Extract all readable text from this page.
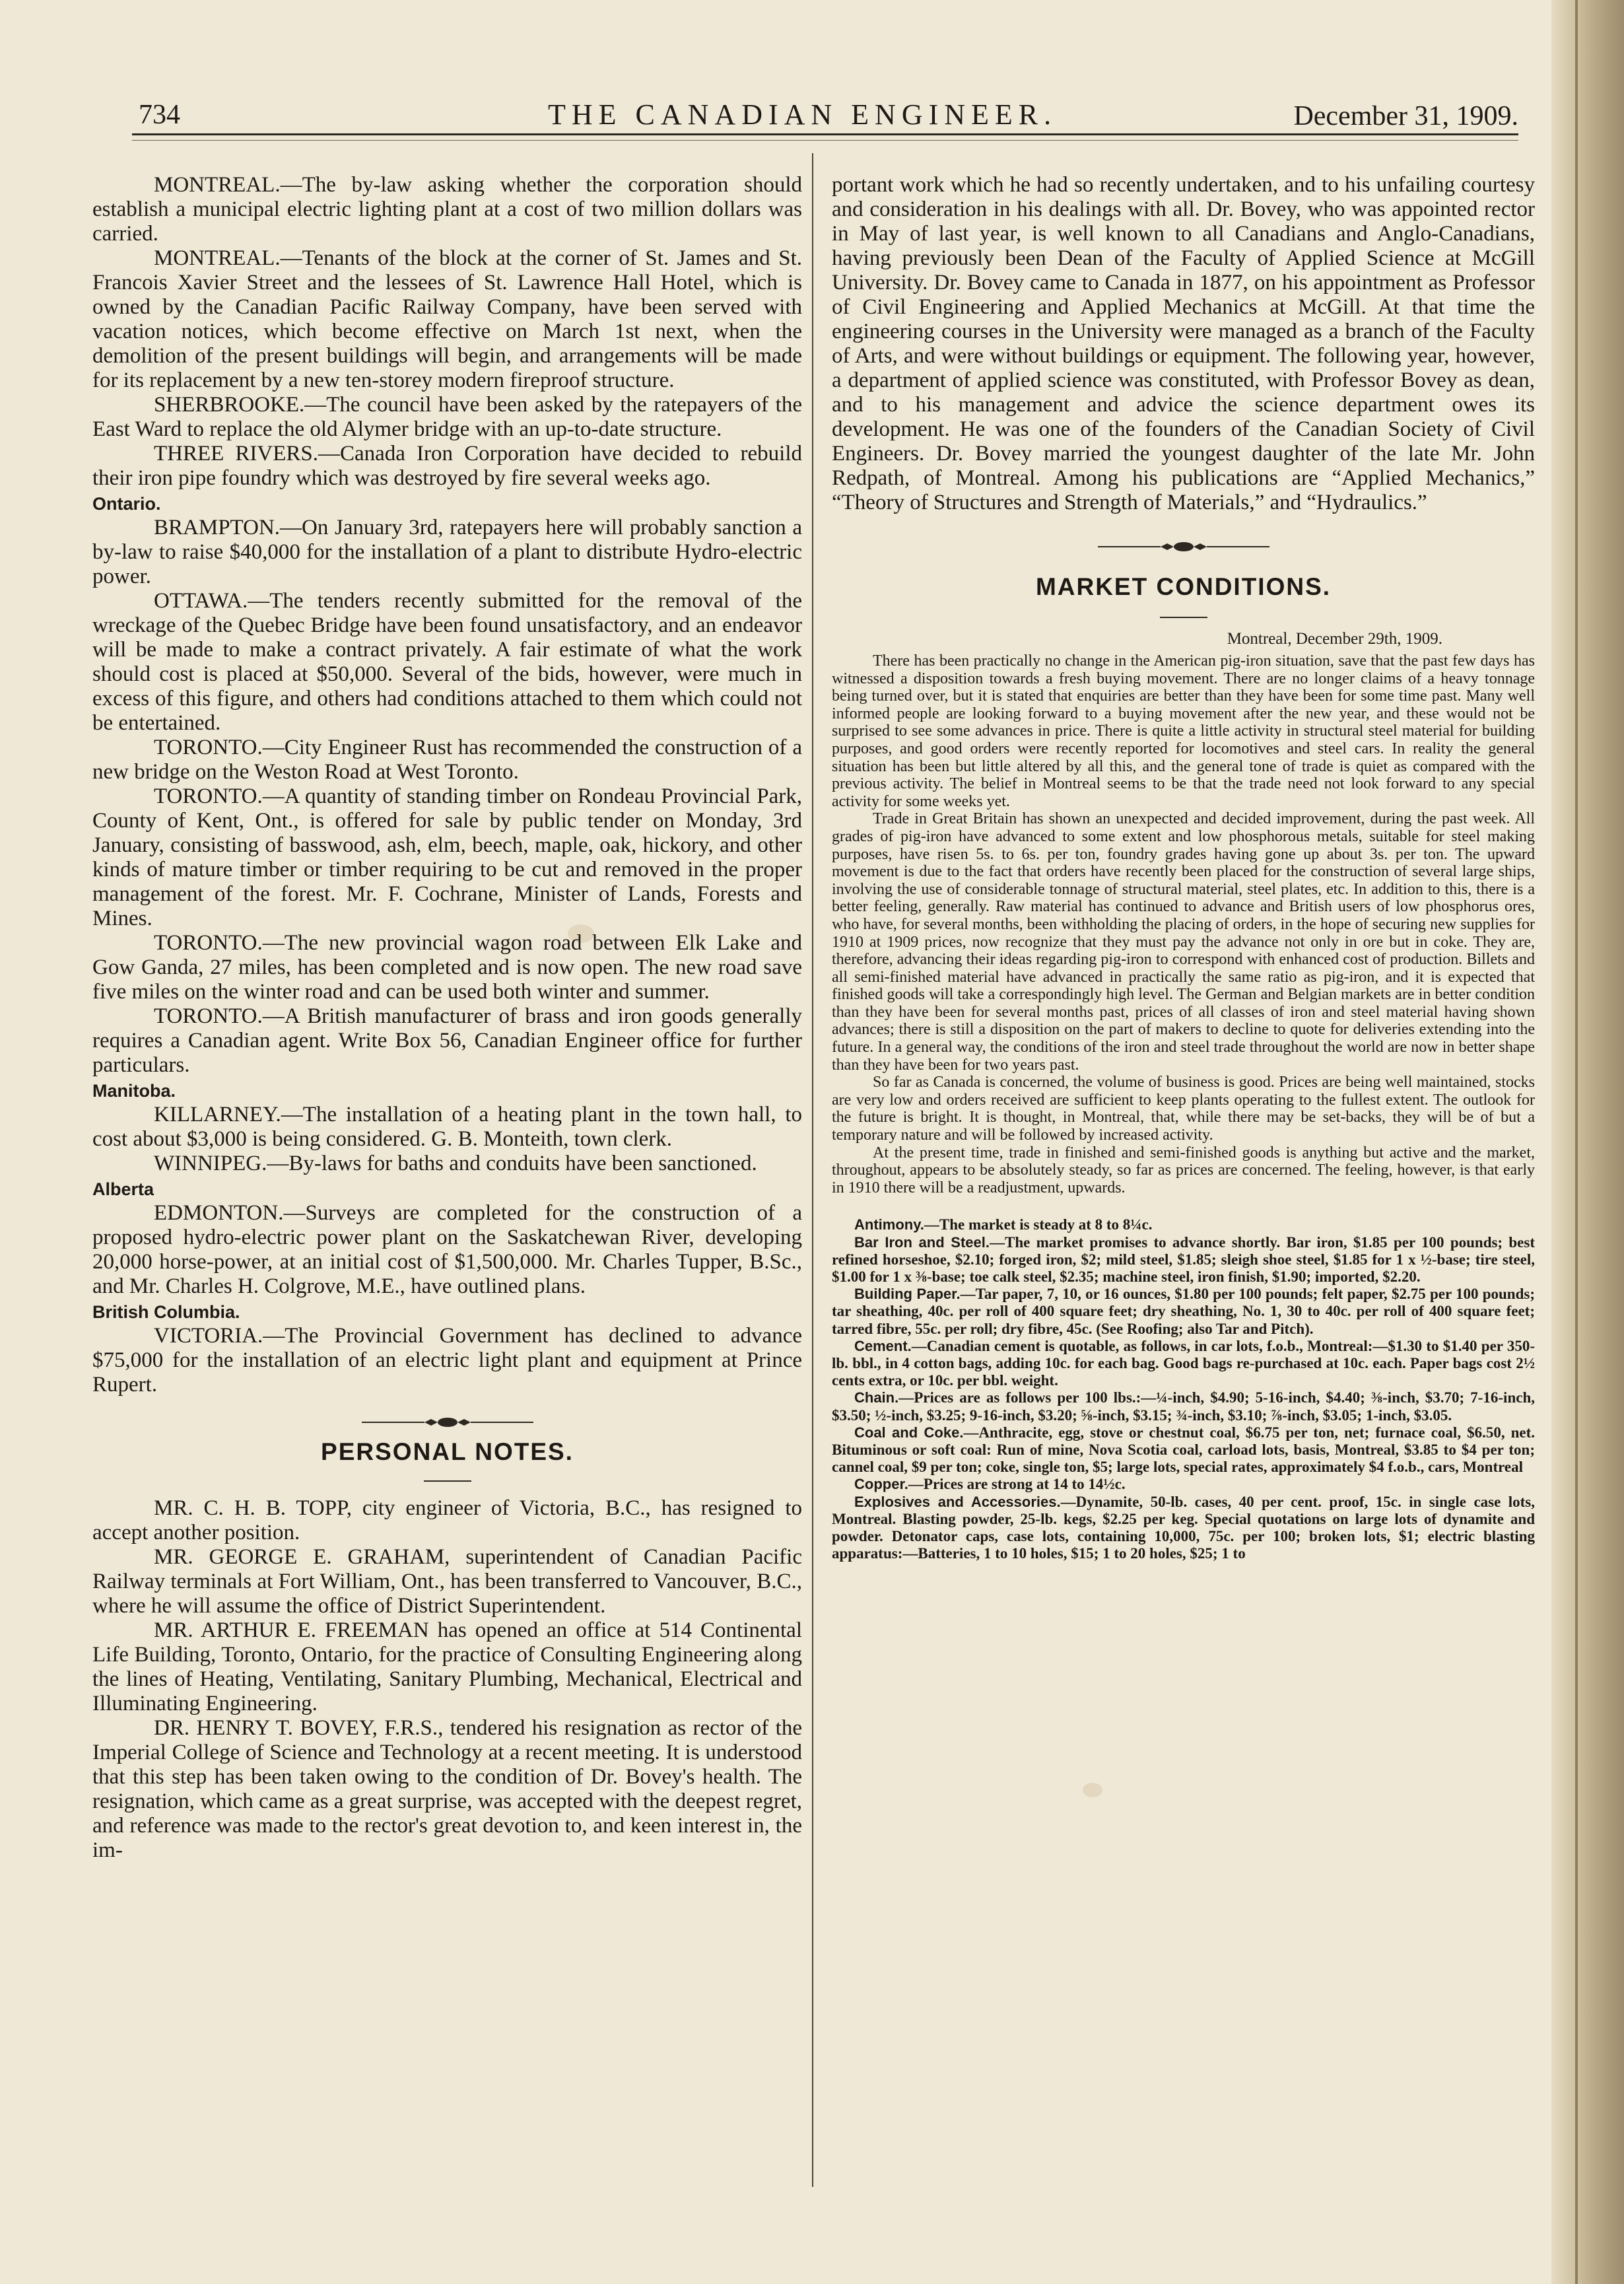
734	THE CANADIAN ENGINEER.	December 31, 1909.

MONTREAL.—The by-law asking whether the corporation should establish a municipal electric lighting plant at a cost of two million dollars was carried.

MONTREAL.—Tenants of the block at the corner of St. James and St. Francois Xavier Street and the lessees of St. Lawrence Hall Hotel, which is owned by the Canadian Pacific Railway Company, have been served with vacation notices, which become effective on March 1st next, when the demolition of the present buildings will begin, and arrangements will be made for its replacement by a new ten-storey modern fireproof structure.

SHERBROOKE.—The council have been asked by the ratepayers of the East Ward to replace the old Alymer bridge with an up-to-date structure.

THREE RIVERS.—Canada Iron Corporation have decided to rebuild their iron pipe foundry which was destroyed by fire several weeks ago.

Ontario.

BRAMPTON.—On January 3rd, ratepayers here will probably sanction a by-law to raise $40,000 for the installation of a plant to distribute Hydro-electric power.

OTTAWA.—The tenders recently submitted for the removal of the wreckage of the Quebec Bridge have been found unsatisfactory, and an endeavor will be made to make a contract privately. A fair estimate of what the work should cost is placed at $50,000. Several of the bids, however, were much in excess of this figure, and others had conditions attached to them which could not be entertained.

TORONTO.—City Engineer Rust has recommended the construction of a new bridge on the Weston Road at West Toronto.

TORONTO.—A quantity of standing timber on Rondeau Provincial Park, County of Kent, Ont., is offered for sale by public tender on Monday, 3rd January, consisting of basswood, ash, elm, beech, maple, oak, hickory, and other kinds of mature timber or timber requiring to be cut and removed in the proper management of the forest. Mr. F. Cochrane, Minister of Lands, Forests and Mines.

TORONTO.—The new provincial wagon road between Elk Lake and Gow Ganda, 27 miles, has been completed and is now open. The new road save five miles on the winter road and can be used both winter and summer.

TORONTO.—A British manufacturer of brass and iron goods generally requires a Canadian agent. Write Box 56, Canadian Engineer office for further particulars.

Manitoba.

KILLARNEY.—The installation of a heating plant in the town hall, to cost about $3,000 is being considered. G. B. Monteith, town clerk.

WINNIPEG.—By-laws for baths and conduits have been sanctioned.

Alberta

EDMONTON.—Surveys are completed for the construction of a proposed hydro-electric power plant on the Saskatchewan River, developing 20,000 horse-power, at an initial cost of $1,500,000. Mr. Charles Tupper, B.Sc., and Mr. Charles H. Colgrove, M.E., have outlined plans.

British Columbia.

VICTORIA.—The Provincial Government has declined to advance $75,000 for the installation of an electric light plant and equipment at Prince Rupert.

PERSONAL NOTES.

MR. C. H. B. TOPP, city engineer of Victoria, B.C., has resigned to accept another position.

MR. GEORGE E. GRAHAM, superintendent of Canadian Pacific Railway terminals at Fort William, Ont., has been transferred to Vancouver, B.C., where he will assume the office of District Superintendent.

MR. ARTHUR E. FREEMAN has opened an office at 514 Continental Life Building, Toronto, Ontario, for the practice of Consulting Engineering along the lines of Heating, Ventilating, Sanitary Plumbing, Mechanical, Electrical and Illuminating Engineering.

DR. HENRY T. BOVEY, F.R.S., tendered his resignation as rector of the Imperial College of Science and Technology at a recent meeting. It is understood that this step has been taken owing to the condition of Dr. Bovey's health. The resignation, which came as a great surprise, was accepted with the deepest regret, and reference was made to the rector's great devotion to, and keen interest in, the im-

portant work which he had so recently undertaken, and to his unfailing courtesy and consideration in his dealings with all. Dr. Bovey, who was appointed rector in May of last year, is well known to all Canadians and Anglo-Canadians, having previously been Dean of the Faculty of Applied Science at McGill University. Dr. Bovey came to Canada in 1877, on his appointment as Professor of Civil Engineering and Applied Mechanics at McGill. At that time the engineering courses in the University were managed as a branch of the Faculty of Arts, and were without buildings or equipment. The following year, however, a department of applied science was constituted, with Professor Bovey as dean, and to his management and advice the science department owes its development. He was one of the founders of the Canadian Society of Civil Engineers. Dr. Bovey married the youngest daughter of the late Mr. John Redpath, of Montreal. Among his publications are “Applied Mechanics,” “Theory of Structures and Strength of Materials,” and “Hydraulics.”

MARKET CONDITIONS.

Montreal, December 29th, 1909.

There has been practically no change in the American pig-iron situation, save that the past few days has witnessed a disposition towards a fresh buying movement. There are no longer claims of a heavy tonnage being turned over, but it is stated that enquiries are better than they have been for some time past. Many well informed people are looking forward to a buying movement after the new year, and these would not be surprised to see some advances in price. There is quite a little activity in structural steel material for building purposes, and good orders were recently reported for locomotives and steel cars. In reality the general situation has been but little altered by all this, and the general tone of trade is quiet as compared with the previous activity. The belief in Montreal seems to be that the trade need not look forward to any special activity for some weeks yet.

Trade in Great Britain has shown an unexpected and decided improvement, during the past week. All grades of pig-iron have advanced to some extent and low phosphorous metals, suitable for steel making purposes, have risen 5s. to 6s. per ton, foundry grades having gone up about 3s. per ton. The upward movement is due to the fact that orders have recently been placed for the construction of several large ships, involving the use of considerable tonnage of structural material, steel plates, etc. In addition to this, there is a better feeling, generally. Raw material has continued to advance and British users of low phosphorus ores, who have, for several months, been withholding the placing of orders, in the hope of securing new supplies for 1910 at 1909 prices, now recognize that they must pay the advance not only in ore but in coke. They are, therefore, advancing their ideas regarding pig-iron to correspond with enhanced cost of production. Billets and all semi-finished material have advanced in practically the same ratio as pig-iron, and it is expected that finished goods will take a correspondingly high level. The German and Belgian markets are in better condition than they have been for several months past, prices of all classes of iron and steel material having shown advances; there is still a disposition on the part of makers to decline to quote for deliveries extending into the future. In a general way, the conditions of the iron and steel trade throughout the world are now in better shape than they have been for two years past.

So far as Canada is concerned, the volume of business is good. Prices are being well maintained, stocks are very low and orders received are sufficient to keep plants operating to the fullest extent. The outlook for the future is bright. It is thought, in Montreal, that, while there may be set-backs, they will be of but a temporary nature and will be followed by increased activity.

At the present time, trade in finished and semi-finished goods is anything but active and the market, throughout, appears to be absolutely steady, so far as prices are concerned. The feeling, however, is that early in 1910 there will be a readjustment, upwards.

Antimony.—The market is steady at 8 to 8¼c.

Bar Iron and Steel.—The market promises to advance shortly. Bar iron, $1.85 per 100 pounds; best refined horseshoe, $2.10; forged iron, $2; mild steel, $1.85; sleigh shoe steel, $1.85 for 1 x ½-base; tire steel, $1.00 for 1 x ⅜-base; toe calk steel, $2.35; machine steel, iron finish, $1.90; imported, $2.20.

Building Paper.—Tar paper, 7, 10, or 16 ounces, $1.80 per 100 pounds; felt paper, $2.75 per 100 pounds; tar sheathing, 40c. per roll of 400 square feet; dry sheathing, No. 1, 30 to 40c. per roll of 400 square feet; tarred fibre, 55c. per roll; dry fibre, 45c. (See Roofing; also Tar and Pitch).

Cement.—Canadian cement is quotable, as follows, in car lots, f.o.b., Montreal:—$1.30 to $1.40 per 350-lb. bbl., in 4 cotton bags, adding 10c. for each bag. Good bags re-purchased at 10c. each. Paper bags cost 2½ cents extra, or 10c. per bbl. weight.

Chain.—Prices are as follows per 100 lbs.:—¼-inch, $4.90; 5-16-inch, $4.40; ⅜-inch, $3.70; 7-16-inch, $3.50; ½-inch, $3.25; 9-16-inch, $3.20; ⅝-inch, $3.15; ¾-inch, $3.10; ⅞-inch, $3.05; 1-inch, $3.05.

Coal and Coke.—Anthracite, egg, stove or chestnut coal, $6.75 per ton, net; furnace coal, $6.50, net. Bituminous or soft coal: Run of mine, Nova Scotia coal, carload lots, basis, Montreal, $3.85 to $4 per ton; cannel coal, $9 per ton; coke, single ton, $5; large lots, special rates, approximately $4 f.o.b., cars, Montreal

Copper.—Prices are strong at 14 to 14½c.

Explosives and Accessories.—Dynamite, 50-lb. cases, 40 per cent. proof, 15c. in single case lots, Montreal. Blasting powder, 25-lb. kegs, $2.25 per keg. Special quotations on large lots of dynamite and powder. Detonator caps, case lots, containing 10,000, 75c. per 100; broken lots, $1; electric blasting apparatus:—Batteries, 1 to 10 holes, $15; 1 to 20 holes, $25; 1 to
